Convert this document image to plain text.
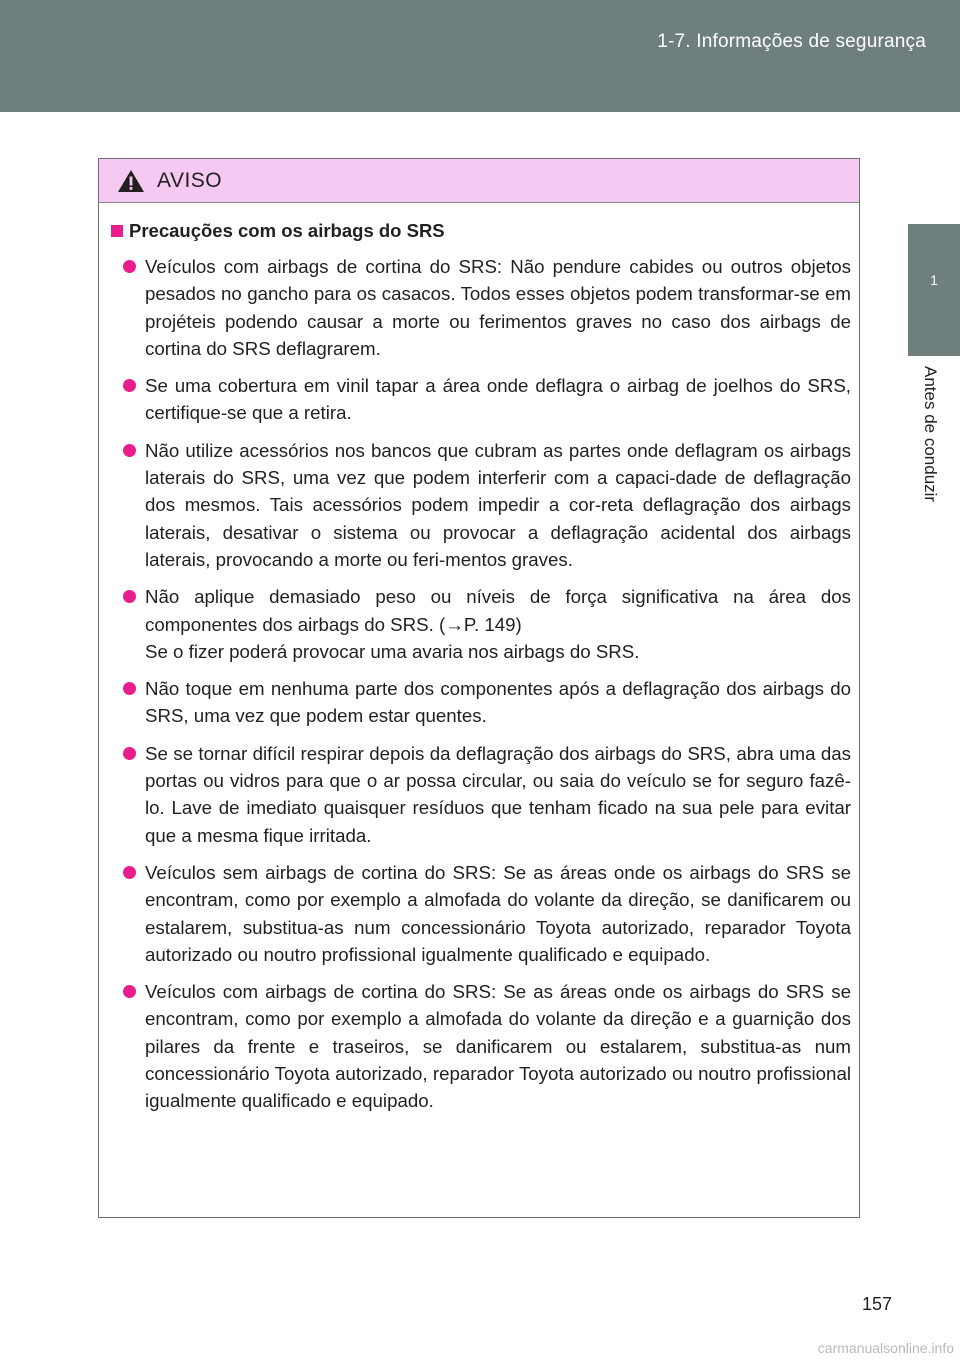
1-7. Informações de segurança
1
Antes de conduzir
AVISO
Precauções com os airbags do SRS

Veículos com airbags de cortina do SRS: Não pendure cabides ou outros objetos pesados no gancho para os casacos. Todos esses objetos podem transformar-se em projéteis podendo causar a morte ou ferimentos graves no caso dos airbags de cortina do SRS deflagrarem.

Se uma cobertura em vinil tapar a área onde deflagra o airbag de joelhos do SRS, certifique-se que a retira.

Não utilize acessórios nos bancos que cubram as partes onde deflagram os airbags laterais do SRS, uma vez que podem interferir com a capaci-dade de deflagração dos mesmos. Tais acessórios podem impedir a cor-reta deflagração dos airbags laterais, desativar o sistema ou provocar a deflagração acidental dos airbags laterais, provocando a morte ou feri-mentos graves.

Não aplique demasiado peso ou níveis de força significativa na área dos componentes dos airbags do SRS. (→P. 149)

Se o fizer poderá provocar uma avaria nos airbags do SRS.

Não toque em nenhuma parte dos componentes após a deflagração dos airbags do SRS, uma vez que podem estar quentes.

Se se tornar difícil respirar depois da deflagração dos airbags do SRS, abra uma das portas ou vidros para que o ar possa circular, ou saia do veículo se for seguro fazê-lo. Lave de imediato quaisquer resíduos que tenham ficado na sua pele para evitar que a mesma fique irritada.

Veículos sem airbags de cortina do SRS: Se as áreas onde os airbags do SRS se encontram, como por exemplo a almofada do volante da direção, se danificarem ou estalarem, substitua-as num concessionário Toyota autorizado, reparador Toyota autorizado ou noutro profissional igualmente qualificado e equipado.

Veículos com airbags de cortina do SRS: Se as áreas onde os airbags do SRS se encontram, como por exemplo a almofada do volante da direção e a guarnição dos pilares da frente e traseiros, se danificarem ou estalarem, substitua-as num concessionário Toyota autorizado, reparador Toyota autorizado ou noutro profissional igualmente qualificado e equipado.

157
carmanualsonline.info
